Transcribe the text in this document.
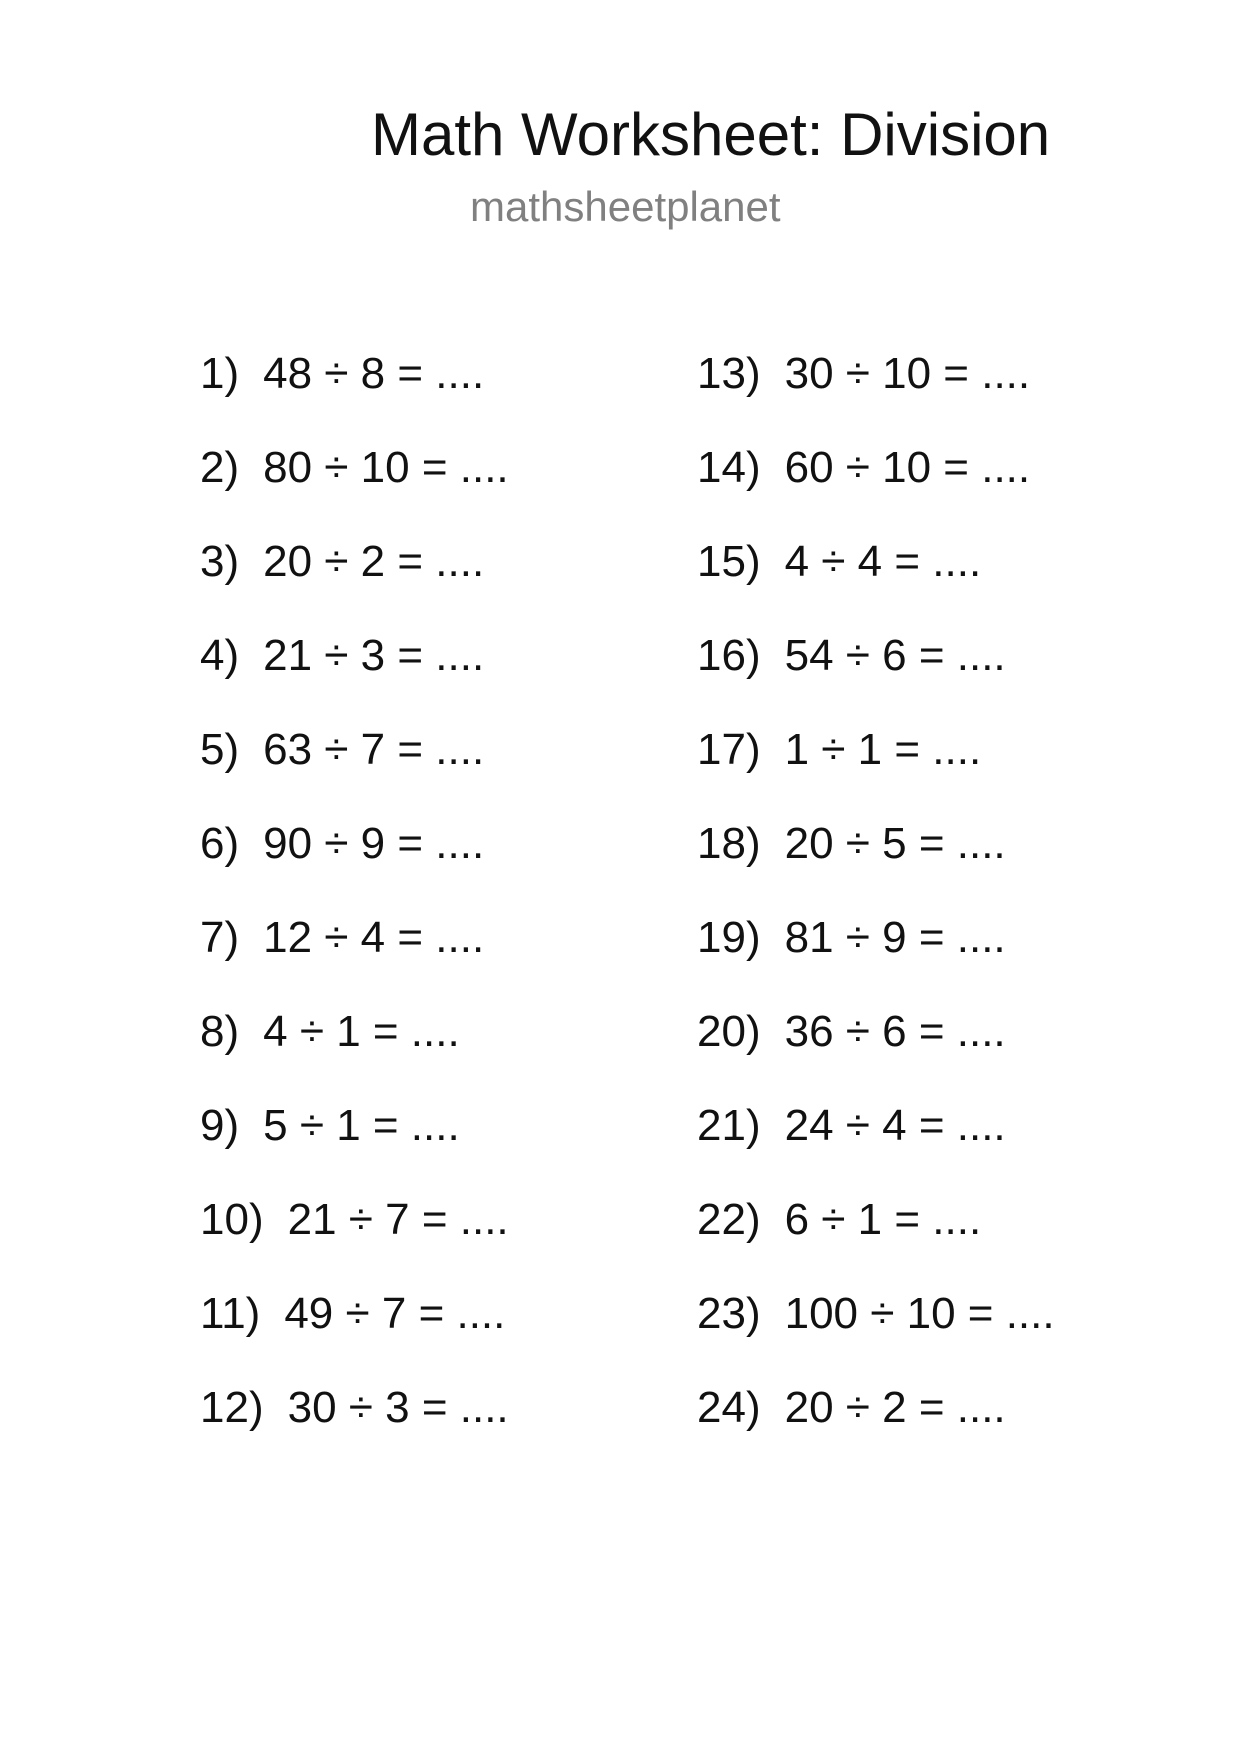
Math Worksheet: Division
mathsheetplanet
1) 48 ÷ 8 = ....
2) 80 ÷ 10 = ....
3) 20 ÷ 2 = ....
4) 21 ÷ 3 = ....
5) 63 ÷ 7 = ....
6) 90 ÷ 9 = ....
7) 12 ÷ 4 = ....
8) 4 ÷ 1 = ....
9) 5 ÷ 1 = ....
10) 21 ÷ 7 = ....
11) 49 ÷ 7 = ....
12) 30 ÷ 3 = ....
13) 30 ÷ 10 = ....
14) 60 ÷ 10 = ....
15) 4 ÷ 4 = ....
16) 54 ÷ 6 = ....
17) 1 ÷ 1 = ....
18) 20 ÷ 5 = ....
19) 81 ÷ 9 = ....
20) 36 ÷ 6 = ....
21) 24 ÷ 4 = ....
22) 6 ÷ 1 = ....
23) 100 ÷ 10 = ....
24) 20 ÷ 2 = ....
